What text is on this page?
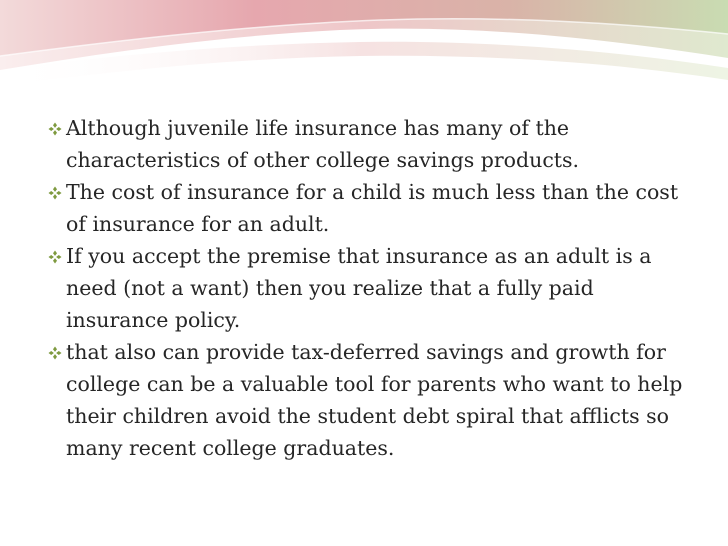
Although juvenile life insurance has many of the characteristics of other college savings products.
The cost of insurance for a child is much less than the cost of insurance for an adult.
If you accept the premise that insurance as an adult is a need (not a want) then you realize that a fully paid insurance policy.
that also can provide tax-deferred savings and growth for college can be a valuable tool for parents who want to help their children avoid the student debt spiral that afflicts so many recent college graduates.
